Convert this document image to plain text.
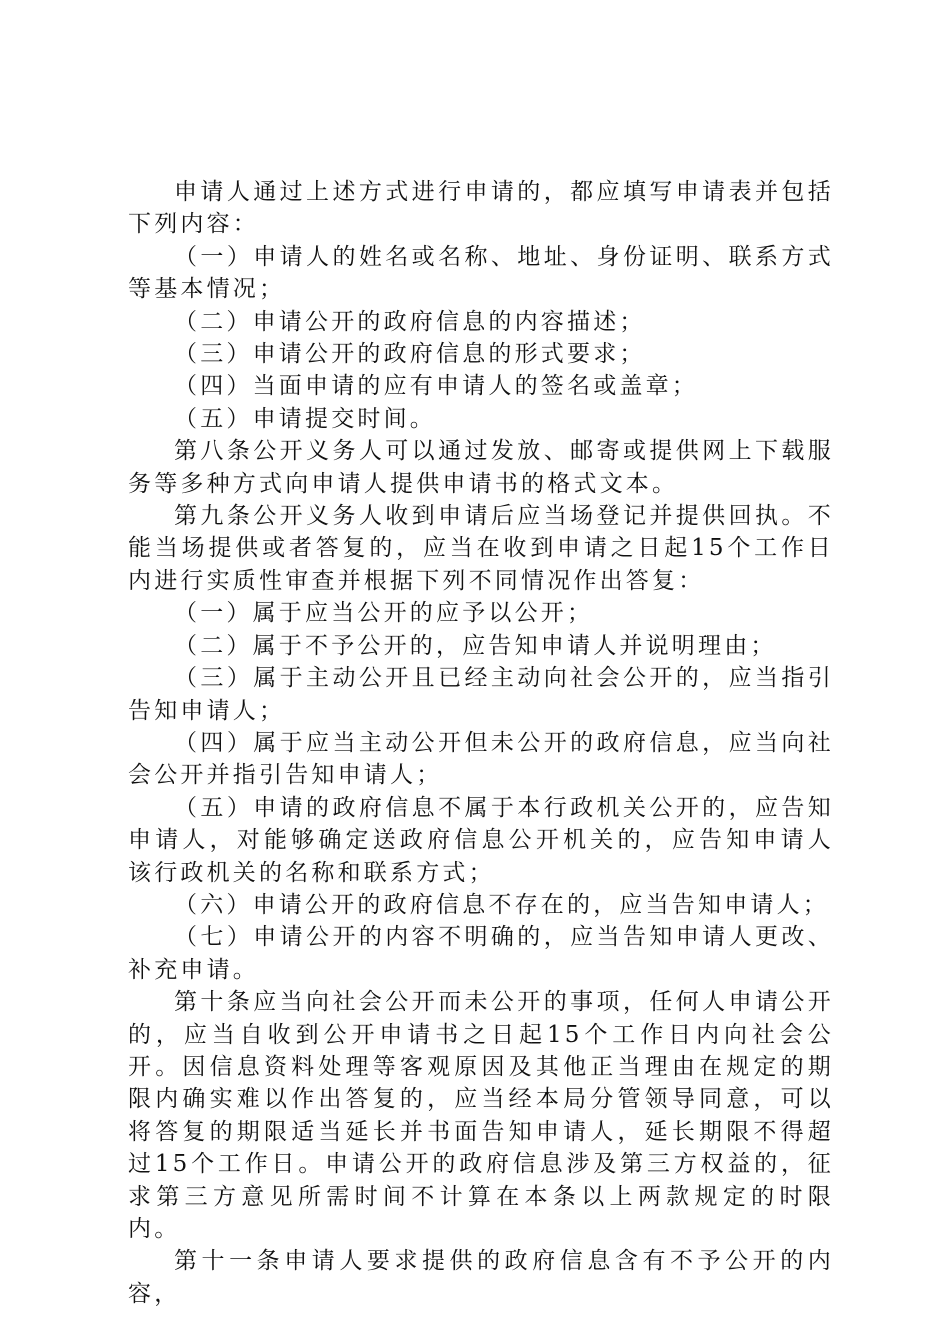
申请人通过上述方式进行申请的，都应填写申请表并包括下列内容：

（一）申请人的姓名或名称、地址、身份证明、联系方式等基本情况；

（二）申请公开的政府信息的内容描述；

（三）申请公开的政府信息的形式要求；

（四）当面申请的应有申请人的签名或盖章；

（五）申请提交时间。

第八条公开义务人可以通过发放、邮寄或提供网上下载服务等多种方式向申请人提供申请书的格式文本。

第九条公开义务人收到申请后应当场登记并提供回执。不能当场提供或者答复的，应当在收到申请之日起15个工作日内进行实质性审查并根据下列不同情况作出答复：

（一）属于应当公开的应予以公开；

（二）属于不予公开的，应告知申请人并说明理由；

（三）属于主动公开且已经主动向社会公开的，应当指引告知申请人；

（四）属于应当主动公开但未公开的政府信息，应当向社会公开并指引告知申请人；

（五）申请的政府信息不属于本行政机关公开的，应告知申请人，对能够确定送政府信息公开机关的，应告知申请人该行政机关的名称和联系方式；

（六）申请公开的政府信息不存在的，应当告知申请人；

（七）申请公开的内容不明确的，应当告知申请人更改、补充申请。

第十条应当向社会公开而未公开的事项，任何人申请公开的，应当自收到公开申请书之日起15个工作日内向社会公开。因信息资料处理等客观原因及其他正当理由在规定的期限内确实难以作出答复的，应当经本局分管领导同意，可以将答复的期限适当延长并书面告知申请人，延长期限不得超过15个工作日。申请公开的政府信息涉及第三方权益的，征求第三方意见所需时间不计算在本条以上两款规定的时限内。

第十一条申请人要求提供的政府信息含有不予公开的内容，
